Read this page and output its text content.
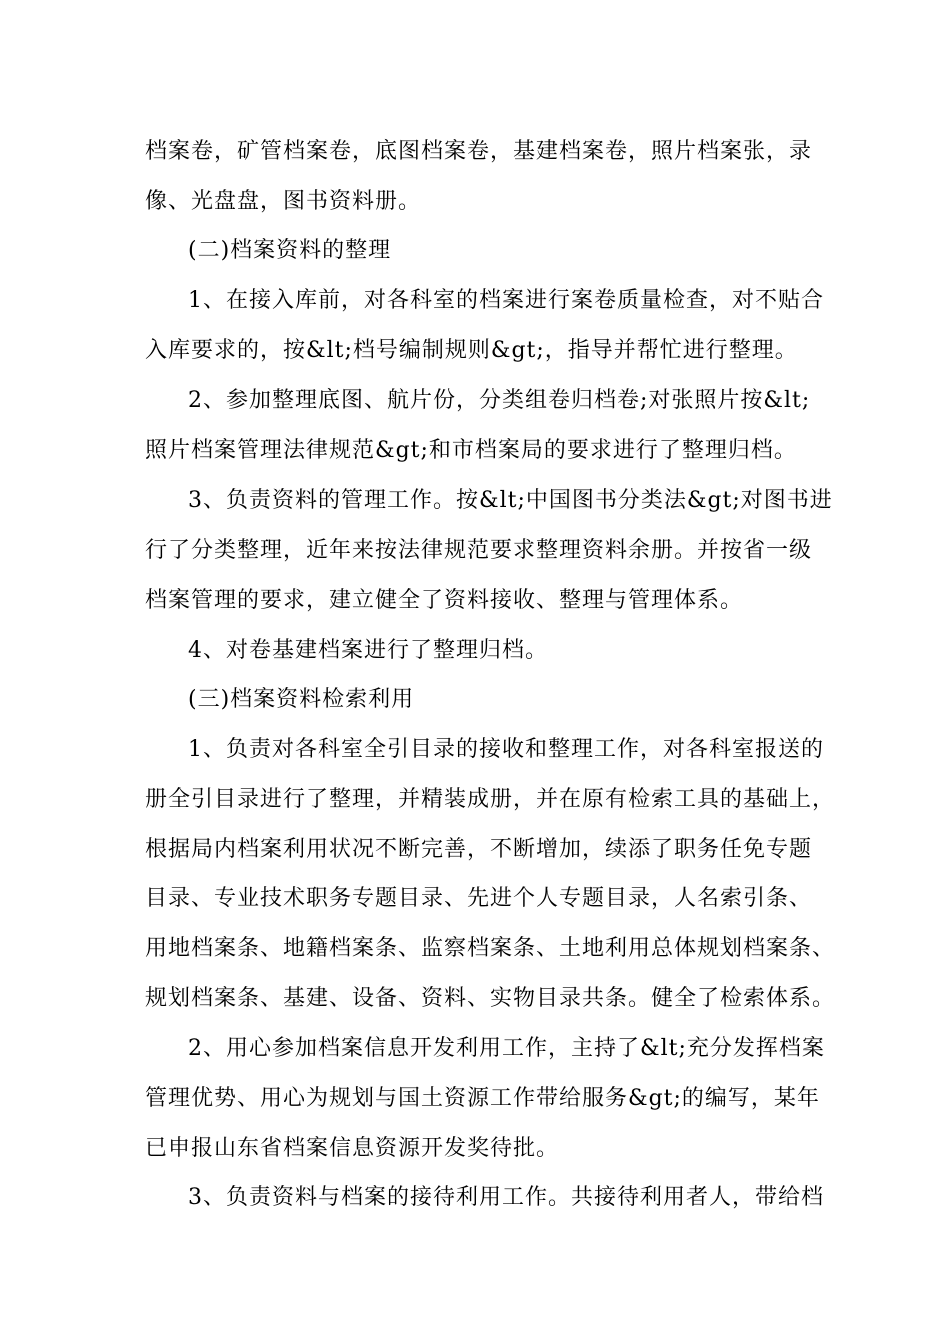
档案卷，矿管档案卷，底图档案卷，基建档案卷，照片档案张，录
像、光盘盘，图书资料册。
(二)档案资料的整理
1、在接入库前，对各科室的档案进行案卷质量检查，对不贴合
入库要求的，按&lt;档号编制规则&gt;，指导并帮忙进行整理。
2、参加整理底图、航片份，分类组卷归档卷;对张照片按&lt;
照片档案管理法律规范&gt;和市档案局的要求进行了整理归档。
3、负责资料的管理工作。按&lt;中国图书分类法&gt;对图书进
行了分类整理，近年来按法律规范要求整理资料余册。并按省一级
档案管理的要求，建立健全了资料接收、整理与管理体系。
4、对卷基建档案进行了整理归档。
(三)档案资料检索利用
1、负责对各科室全引目录的接收和整理工作，对各科室报送的
册全引目录进行了整理，并精装成册，并在原有检索工具的基础上，
根据局内档案利用状况不断完善，不断增加，续添了职务任免专题
目录、专业技术职务专题目录、先进个人专题目录，人名索引条、
用地档案条、地籍档案条、监察档案条、土地利用总体规划档案条、
规划档案条、基建、设备、资料、实物目录共条。健全了检索体系。
2、用心参加档案信息开发利用工作，主持了&lt;充分发挥档案
管理优势、用心为规划与国土资源工作带给服务&gt;的编写，某年
已申报山东省档案信息资源开发奖待批。
3、负责资料与档案的接待利用工作。共接待利用者人，带给档
